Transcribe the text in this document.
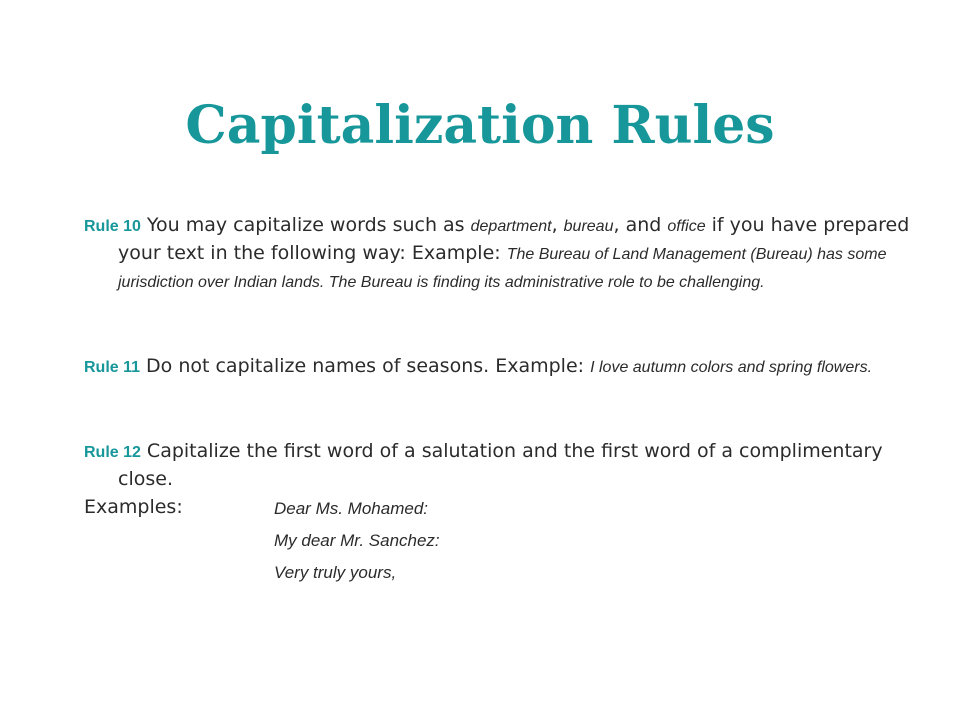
Capitalization Rules
Rule 10 You may capitalize words such as department, bureau, and office if you have prepared your text in the following way: Example: The Bureau of Land Management (Bureau) has some jurisdiction over Indian lands. The Bureau is finding its administrative role to be challenging.
Rule 11 Do not capitalize names of seasons. Example: I love autumn colors and spring flowers.
Rule 12 Capitalize the first word of a salutation and the first word of a complimentary close.
Examples:	Dear Ms. Mohamed:
My dear Mr. Sanchez:
Very truly yours,
